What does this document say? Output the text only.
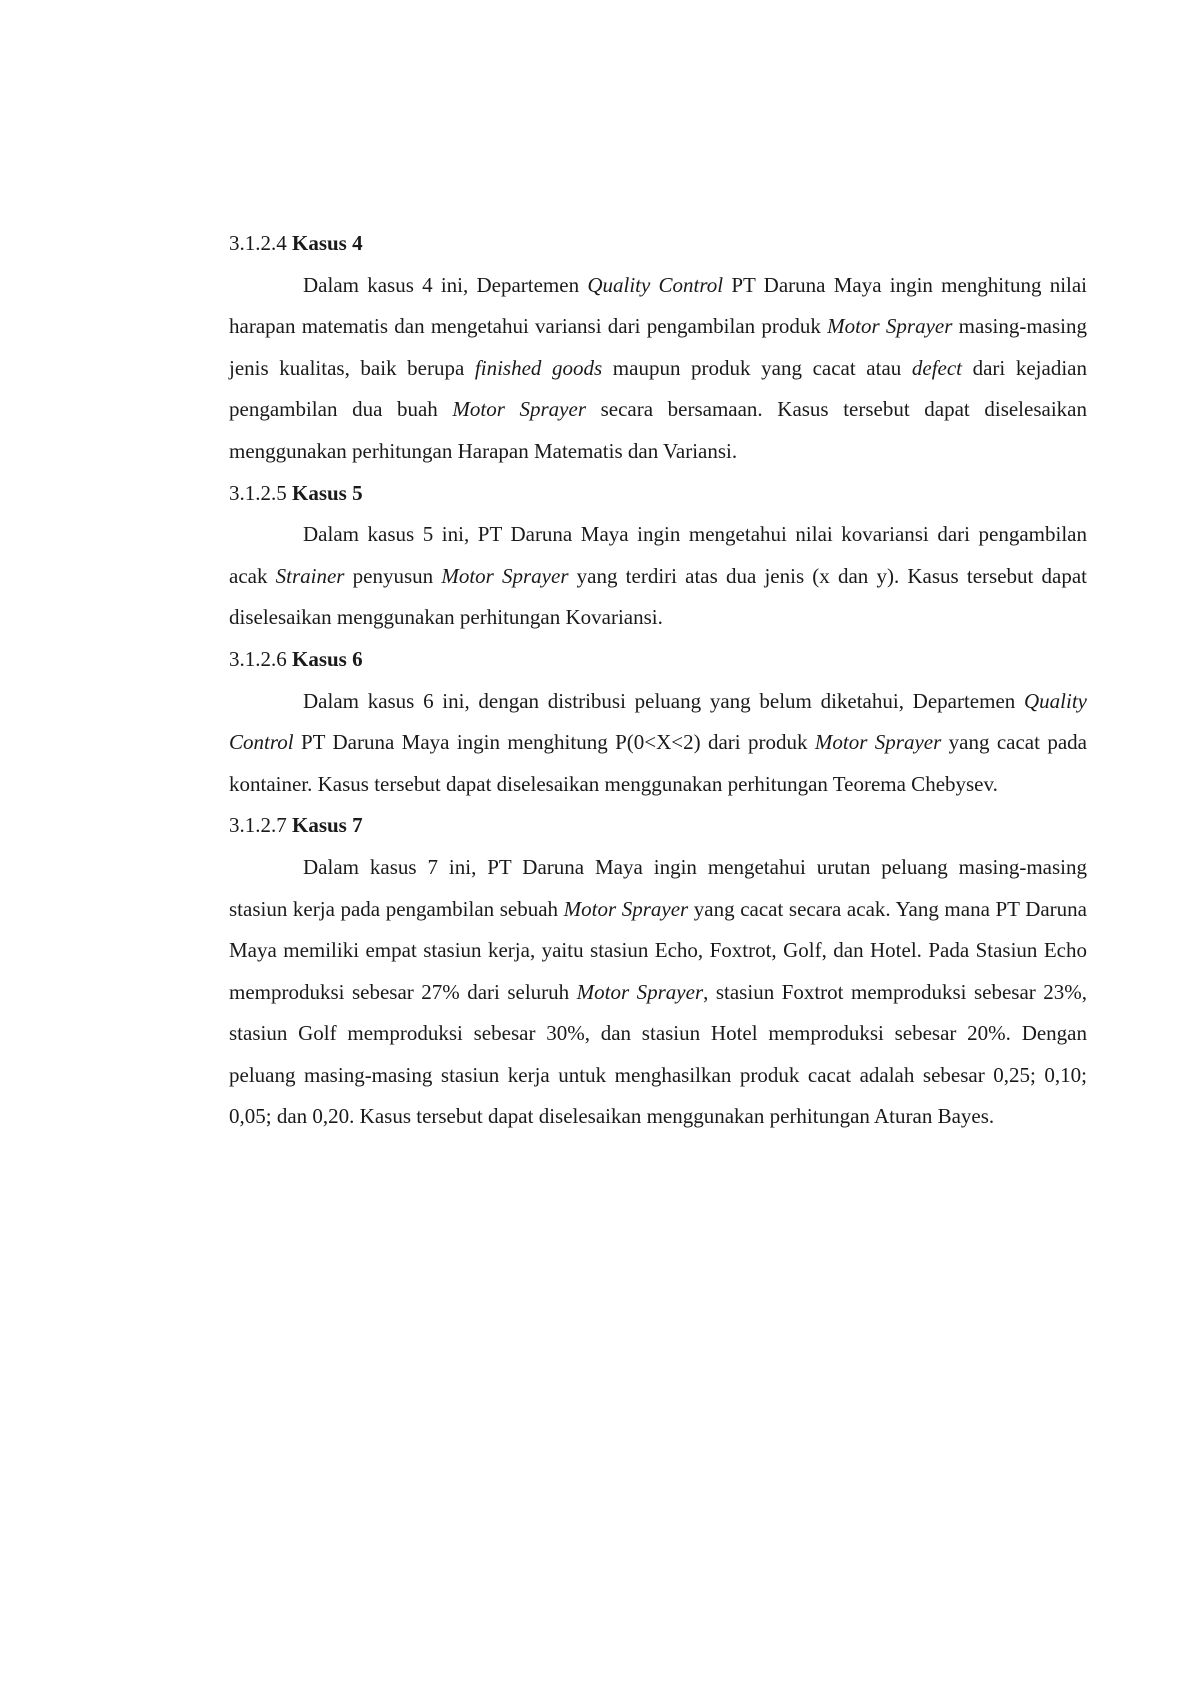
3.1.2.4 Kasus 4

Dalam kasus 4 ini, Departemen Quality Control PT Daruna Maya ingin menghitung nilai harapan matematis dan mengetahui variansi dari pengambilan produk Motor Sprayer masing-masing jenis kualitas, baik berupa finished goods maupun produk yang cacat atau defect dari kejadian pengambilan dua buah Motor Sprayer secara bersamaan. Kasus tersebut dapat diselesaikan menggunakan perhitungan Harapan Matematis dan Variansi.

3.1.2.5 Kasus 5

Dalam kasus 5 ini, PT Daruna Maya ingin mengetahui nilai kovariansi dari pengambilan acak Strainer penyusun Motor Sprayer yang terdiri atas dua jenis (x dan y). Kasus tersebut dapat diselesaikan menggunakan perhitungan Kovariansi.

3.1.2.6 Kasus 6

Dalam kasus 6 ini, dengan distribusi peluang yang belum diketahui, Departemen Quality Control PT Daruna Maya ingin menghitung P(0<X<2) dari produk Motor Sprayer yang cacat pada kontainer. Kasus tersebut dapat diselesaikan menggunakan perhitungan Teorema Chebysev.

3.1.2.7 Kasus 7

Dalam kasus 7 ini, PT Daruna Maya ingin mengetahui urutan peluang masing-masing stasiun kerja pada pengambilan sebuah Motor Sprayer yang cacat secara acak. Yang mana PT Daruna Maya memiliki empat stasiun kerja, yaitu stasiun Echo, Foxtrot, Golf, dan Hotel. Pada Stasiun Echo memproduksi sebesar 27% dari seluruh Motor Sprayer, stasiun Foxtrot memproduksi sebesar 23%, stasiun Golf memproduksi sebesar 30%, dan stasiun Hotel memproduksi sebesar 20%. Dengan peluang masing-masing stasiun kerja untuk menghasilkan produk cacat adalah sebesar 0,25; 0,10; 0,05; dan 0,20. Kasus tersebut dapat diselesaikan menggunakan perhitungan Aturan Bayes.
